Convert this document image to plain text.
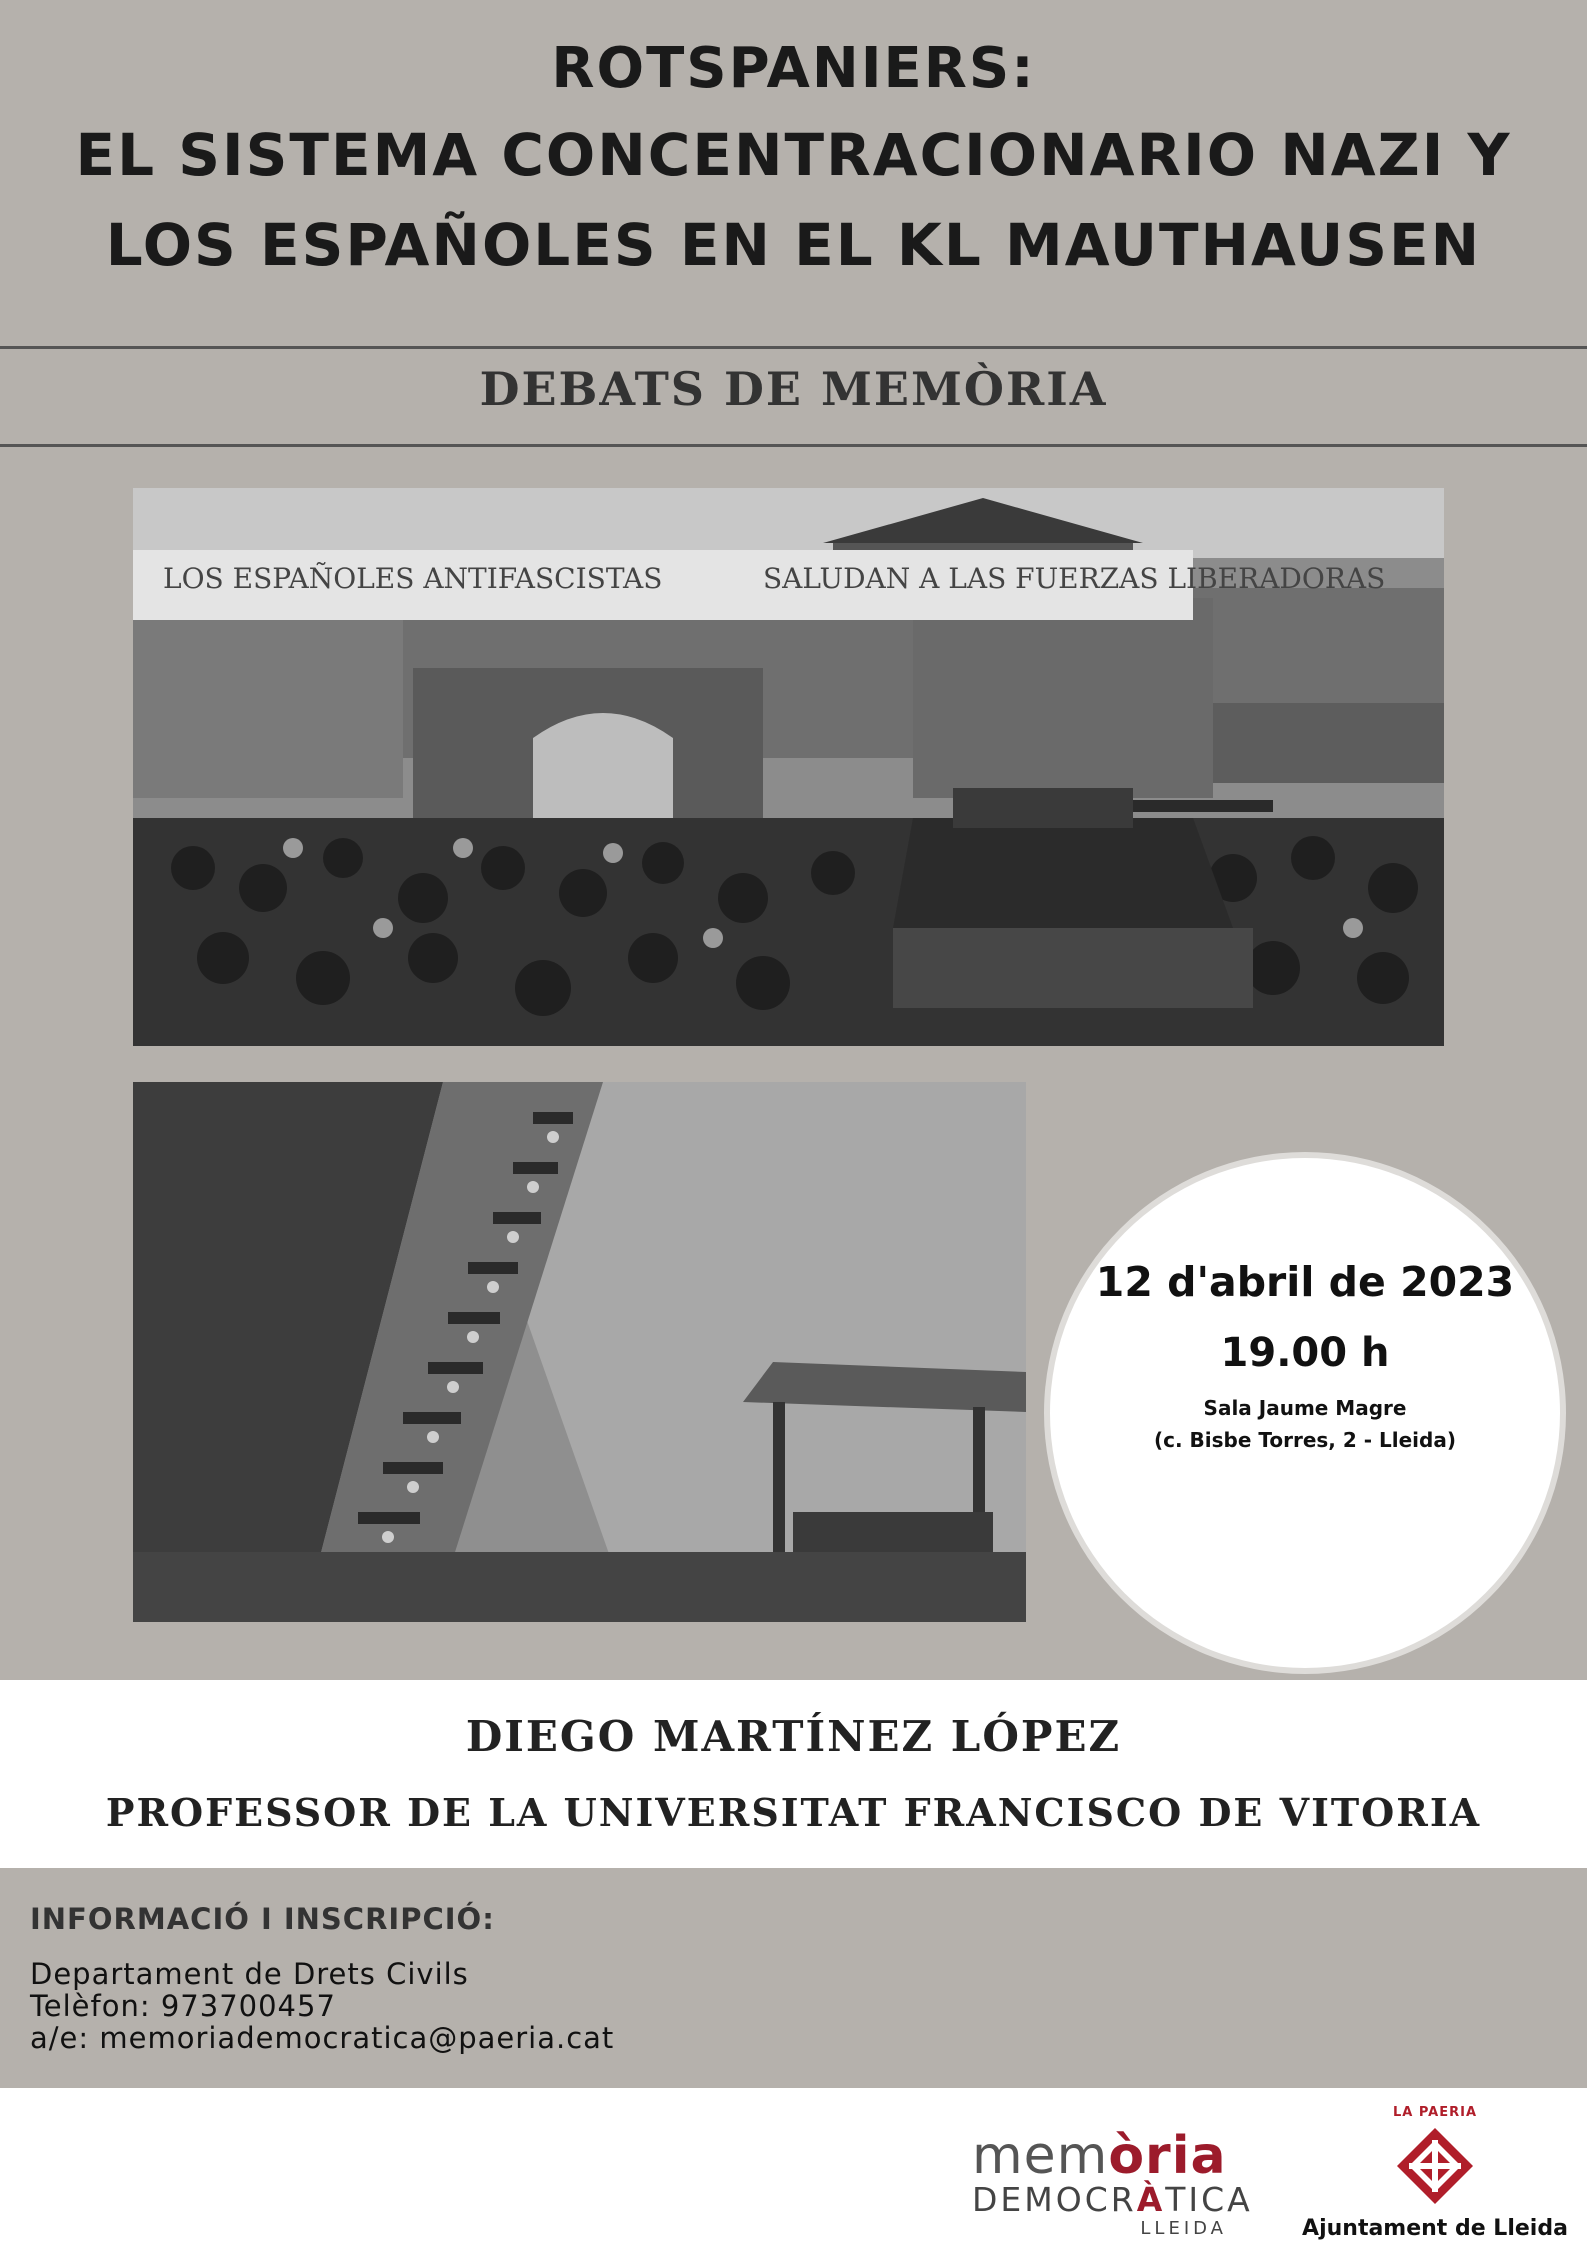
ROTSPANIERS:
EL SISTEMA CONCENTRACIONARIO NAZI Y
LOS ESPAÑOLES EN EL KL MAUTHAUSEN
DEBATS DE MEMÒRIA
LOS ESPAÑOLES ANTIFASCISTAS	SALUDAN A LAS FUERZAS LIBERADORAS
12 d'abril de 2023
19.00 h
Sala Jaume Magre
(c. Bisbe Torres, 2 - Lleida)
DIEGO MARTÍNEZ LÓPEZ
PROFESSOR DE LA UNIVERSITAT FRANCISCO DE VITORIA
INFORMACIÓ I INSCRIPCIÓ:
Departament de Drets Civils
Telèfon: 973700457
a/e: memoriademocratica@paeria.cat
memòria
DEMOCRÀTICA
LLEIDA
LA PAERIA
Ajuntament de Lleida
